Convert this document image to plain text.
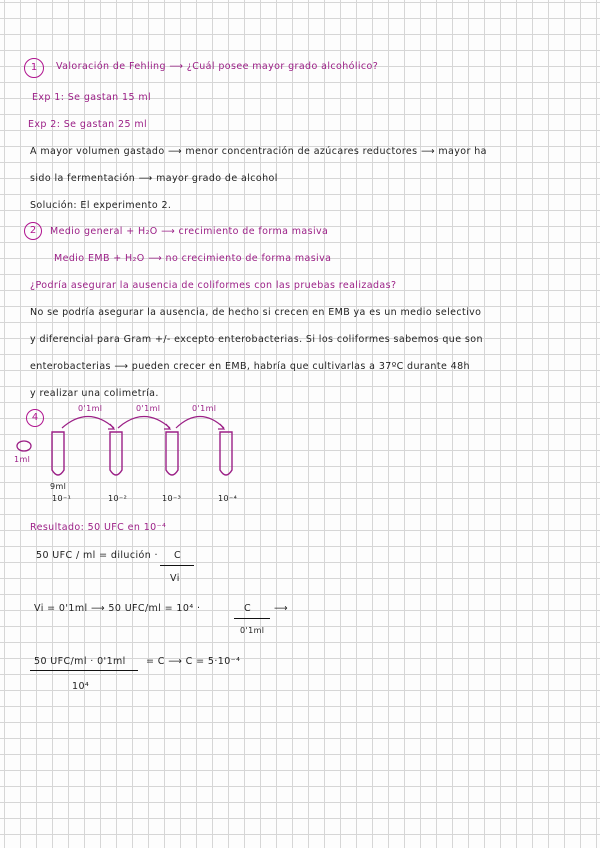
1	Valoración de Fehling ⟶ ¿Cuál posee mayor grado alcohólico?
Exp 1: Se gastan 15 ml
Exp 2: Se gastan 25 ml
A mayor volumen gastado ⟶ menor concentración de azúcares reductores ⟶ mayor ha
sido la fermentación ⟶ mayor grado de alcohol
Solución: El experimento 2.
2	Medio general + H₂O ⟶ crecimiento de forma masiva
Medio EMB + H₂O ⟶ no crecimiento de forma masiva
¿Podría asegurar la ausencia de coliformes con las pruebas realizadas?
No se podría asegurar la ausencia, de hecho si crecen en EMB ya es un medio selectivo
y diferencial para Gram +/- excepto enterobacterias. Si los coliformes sabemos que son
enterobacterias ⟶ pueden crecer en EMB, habría que cultivarlas a 37ºC durante 48h
y realizar una colimetría.
4
0'1ml	0'1ml	0'1ml
1ml
9ml
10⁻¹	10⁻²	10⁻³	10⁻⁴
Resultado: 50 UFC en 10⁻⁴
50 UFC / ml = dilución · C
Vi
Vi = 0'1ml ⟶ 50 UFC/ml = 10⁴ ·	C
0'1ml
⟶
50 UFC/ml · 0'1ml = C ⟶ C = 5·10⁻⁴
10⁴
